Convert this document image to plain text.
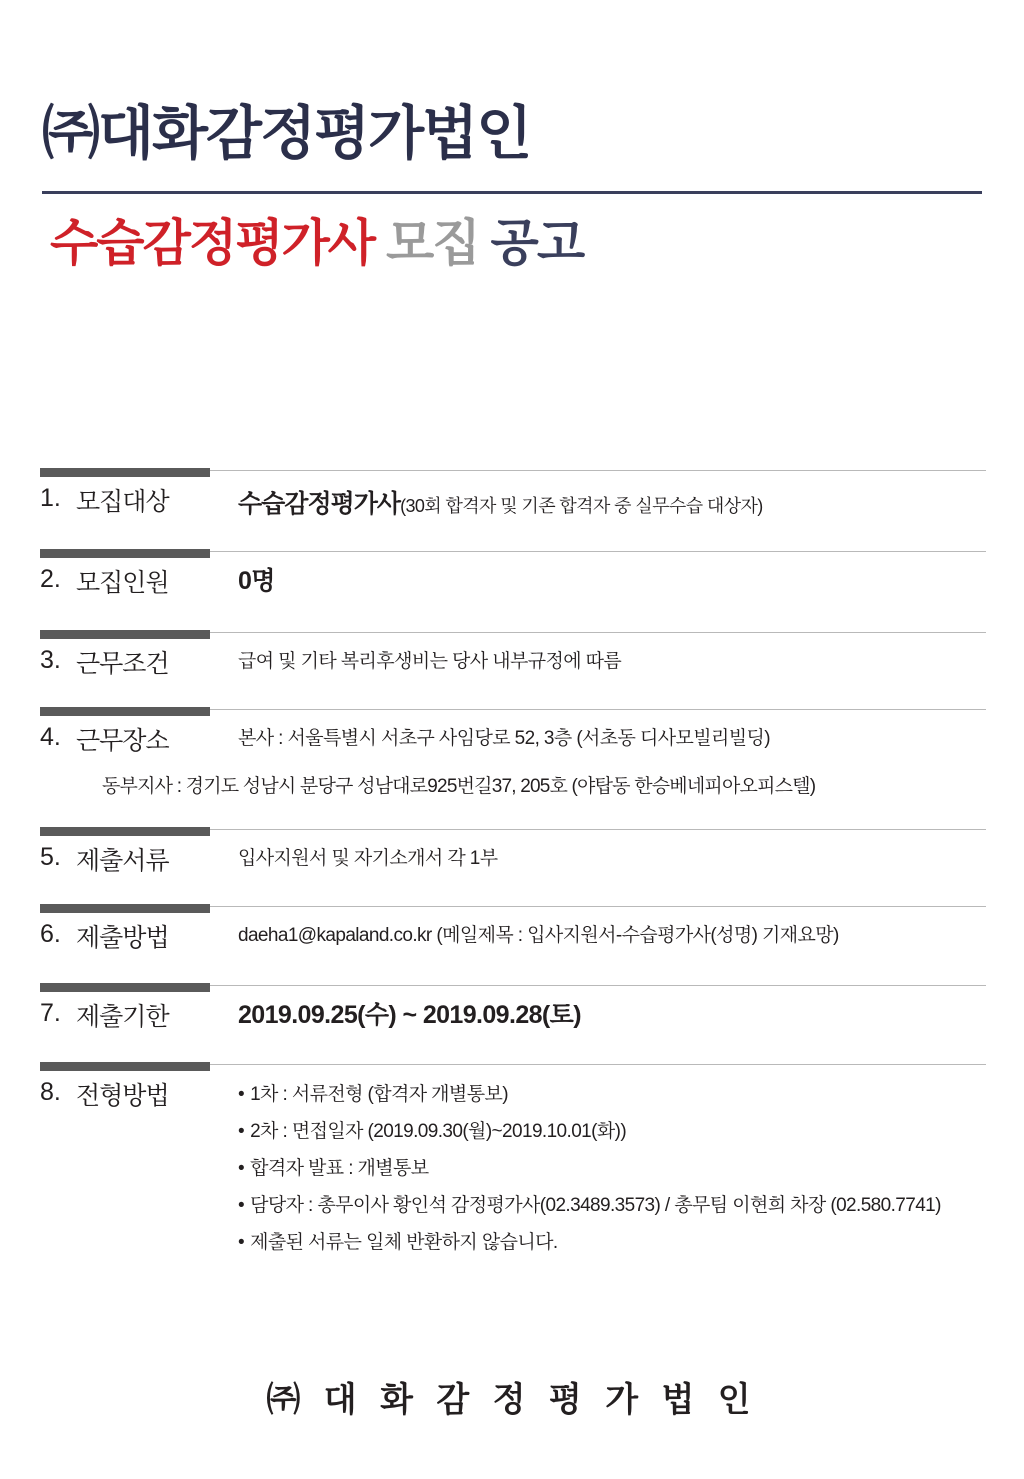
㈜대화감정평가법인
수습감정평가사 모집 공고
1. 모집대상	수습감정평가사(30회 합격자 및 기존 합격자 중 실무수습 대상자)
2. 모집인원	0명
3. 근무조건	급여 및 기타 복리후생비는 당사 내부규정에 따름
4. 근무장소	본사 : 서울특별시 서초구 사임당로 52, 3층 (서초동 디사모빌리빌딩)
동부지사 : 경기도 성남시 분당구 성남대로925번길37, 205호 (야탑동 한승베네피아오피스텔)
5. 제출서류	입사지원서 및 자기소개서 각 1부
6. 제출방법	daeha1@kapaland.co.kr (메일제목 : 입사지원서-수습평가사(성명) 기재요망)
7. 제출기한	2019.09.25(수) ~ 2019.09.28(토)
8. 전형방법	• 1차 : 서류전형 (합격자 개별통보)
• 2차 : 면접일자 (2019.09.30(월)~2019.10.01(화))
• 합격자 발표 : 개별통보
• 담당자 : 총무이사 황인석 감정평가사(02.3489.3573) / 총무팀 이현희 차장 (02.580.7741)
• 제출된 서류는 일체 반환하지 않습니다.
㈜ 대 화 감 정 평 가 법 인
